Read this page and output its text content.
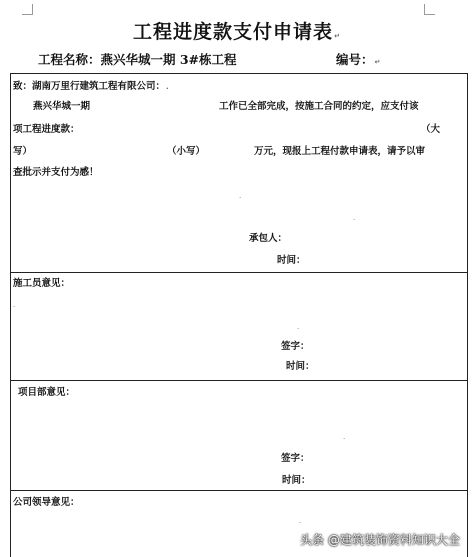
工程进度款支付申请表↵
工程名称：燕兴华城一期 3#栋工程	编号：↵
致：湖南万里行建筑工程有限公司：.
燕兴华城一期	工作已全部完成，按施工合同的约定，应支付该
项工程进度款：	（大
写）	（小写）	万元，现报上工程付款申请表，请予以审
查批示并支付为感！
.
.
承包人：
时间：
施工员意见：
.
.
签字：
时间：
项目部意见：
.
签字：
时间：
公司领导意见：
.
头条 @建筑装饰资料知识大全
